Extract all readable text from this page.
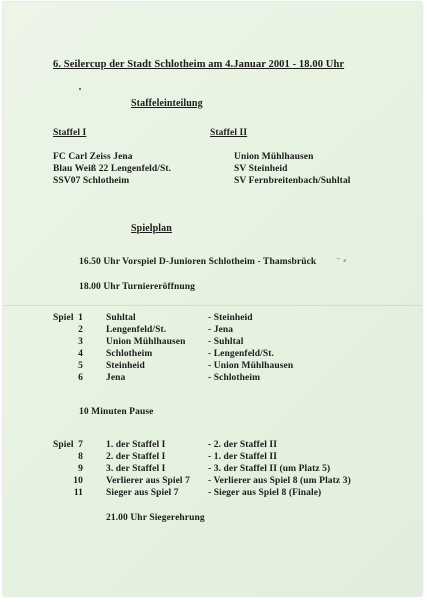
6. Seilercup der Stadt Schlotheim am 4.Januar 2001 - 18.00 Uhr
Staffeleinteilung
Staffel I
FC Carl Zeiss Jena
Blau Weiß 22 Lengenfeld/St.
SSV07 Schlotheim
Staffel II
Union Mühlhausen
SV Steinheid
SV Fernbreitenbach/Suhltal
Spielplan
16.50 Uhr Vorspiel D-Junioren Schlotheim - Thamsbrück ⁻ ⸗
18.00 Uhr Turniereröffnung
Spiel 1 Suhltal	- Steinheid
2 Lengenfeld/St.	- Jena
3 Union Mühlhausen - Suhltal
4 Schlotheim	- Lengenfeld/St.
5 Steinheid	- Union Mühlhausen
6 Jena	- Schlotheim
10 Minuten Pause
Spiel 7 1. der Staffel I	- 2. der Staffel II
8 2. der Staffel I	- 1. der Staffel II
9 3. der Staffel I	- 3. der Staffel II (um Platz 5)
10 Verlierer aus Spiel 7 - Verlierer aus Spiel 8 (um Platz 3)
11 Sieger aus Spiel 7	- Sieger aus Spiel 8 (Finale)
21.00 Uhr Siegerehrung
